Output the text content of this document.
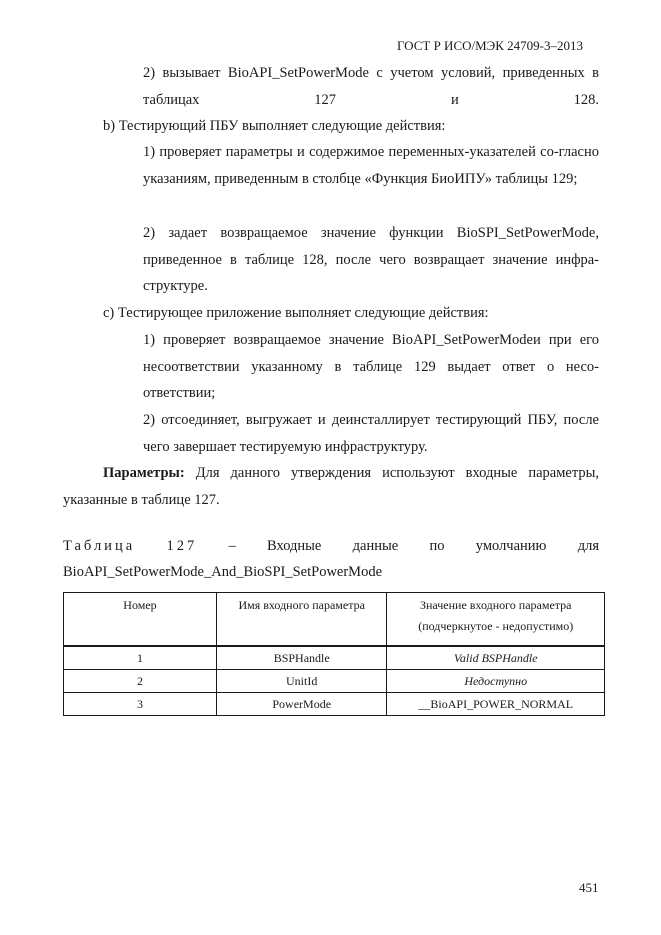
ГОСТ Р ИСО/МЭК 24709-3–2013
2) вызывает BioAPI_SetPowerMode с учетом условий, приведенных в таблицах 127 и 128.
b) Тестирующий ПБУ выполняет следующие действия:
1) проверяет параметры и содержимое переменных-указателей со-гласно указаниям, приведенным в столбце «Функция БиоИПУ» таблицы 129;
2) задает возвращаемое значение функции BioSPI_SetPowerMode, приведенное в таблице 128, после чего возвращает значение инфра-структуре.
c) Тестирующее приложение выполняет следующие действия:
1) проверяет возвращаемое значение BioAPI_SetPowerModeи при его несоответствии указанному в таблице 129 выдает ответ о несо-ответствии;
2) отсоединяет, выгружает и деинсталлирует тестирующий ПБУ, после чего завершает тестируемую инфраструктуру.
Параметры: Для данного утверждения используют входные параметры, указанные в таблице 127.
Таблица 127 – Входные данные по умолчанию для
BioAPI_SetPowerMode_And_BioSPI_SetPowerMode
Номер	Имя входного параметра	Значение входного параметра (подчеркнутое - недопустимо)
1	BSPHandle	Valid BSPHandle
2	UnitId	Недоступно
3	PowerMode	__BioAPI_POWER_NORMAL
451
